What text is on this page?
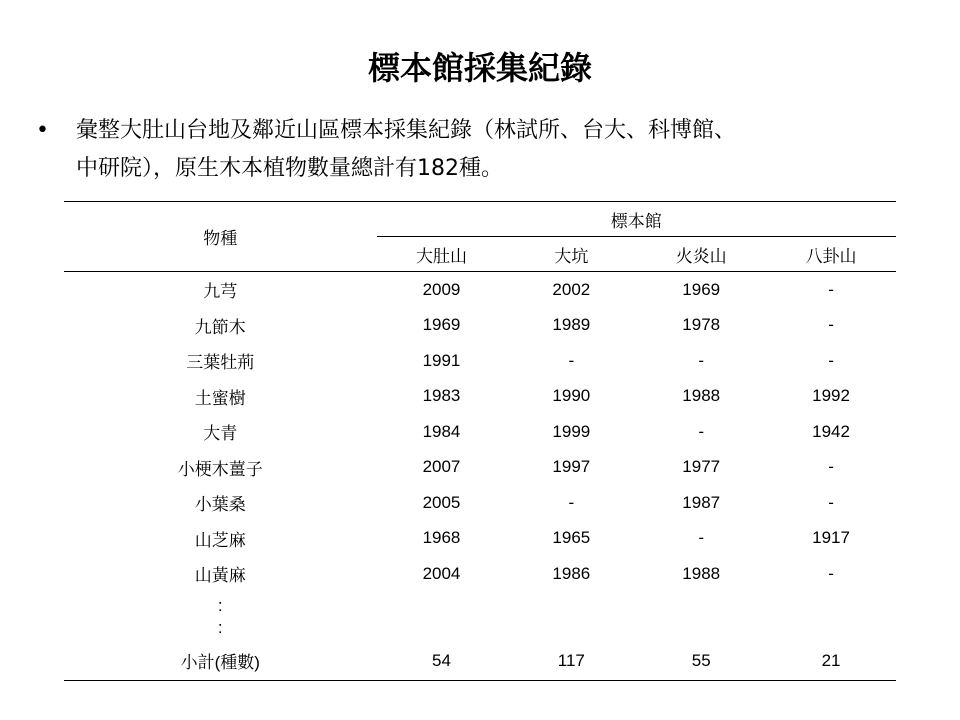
標本館採集紀錄
•	彙整大肚山台地及鄰近山區標本採集紀錄（林試所、台大、科博館、
中研院），原生木本植物數量總計有182種。
物種	標本館			
	大肚山	大坑	火炎山	八卦山
九芎	2009	2002	1969	-
九節木	1969	1989	1978	-
三葉牡荊	1991	-	-	-
土蜜樹	1983	1990	1988	1992
大青	1984	1999	-	1942
小梗木薑子	2007	1997	1977	-
小葉桑	2005	-	1987	-
山芝麻	1968	1965	-	1917
山黃麻	2004	1986	1988	-

:
:				

小計(種數)	54	117	55	21
